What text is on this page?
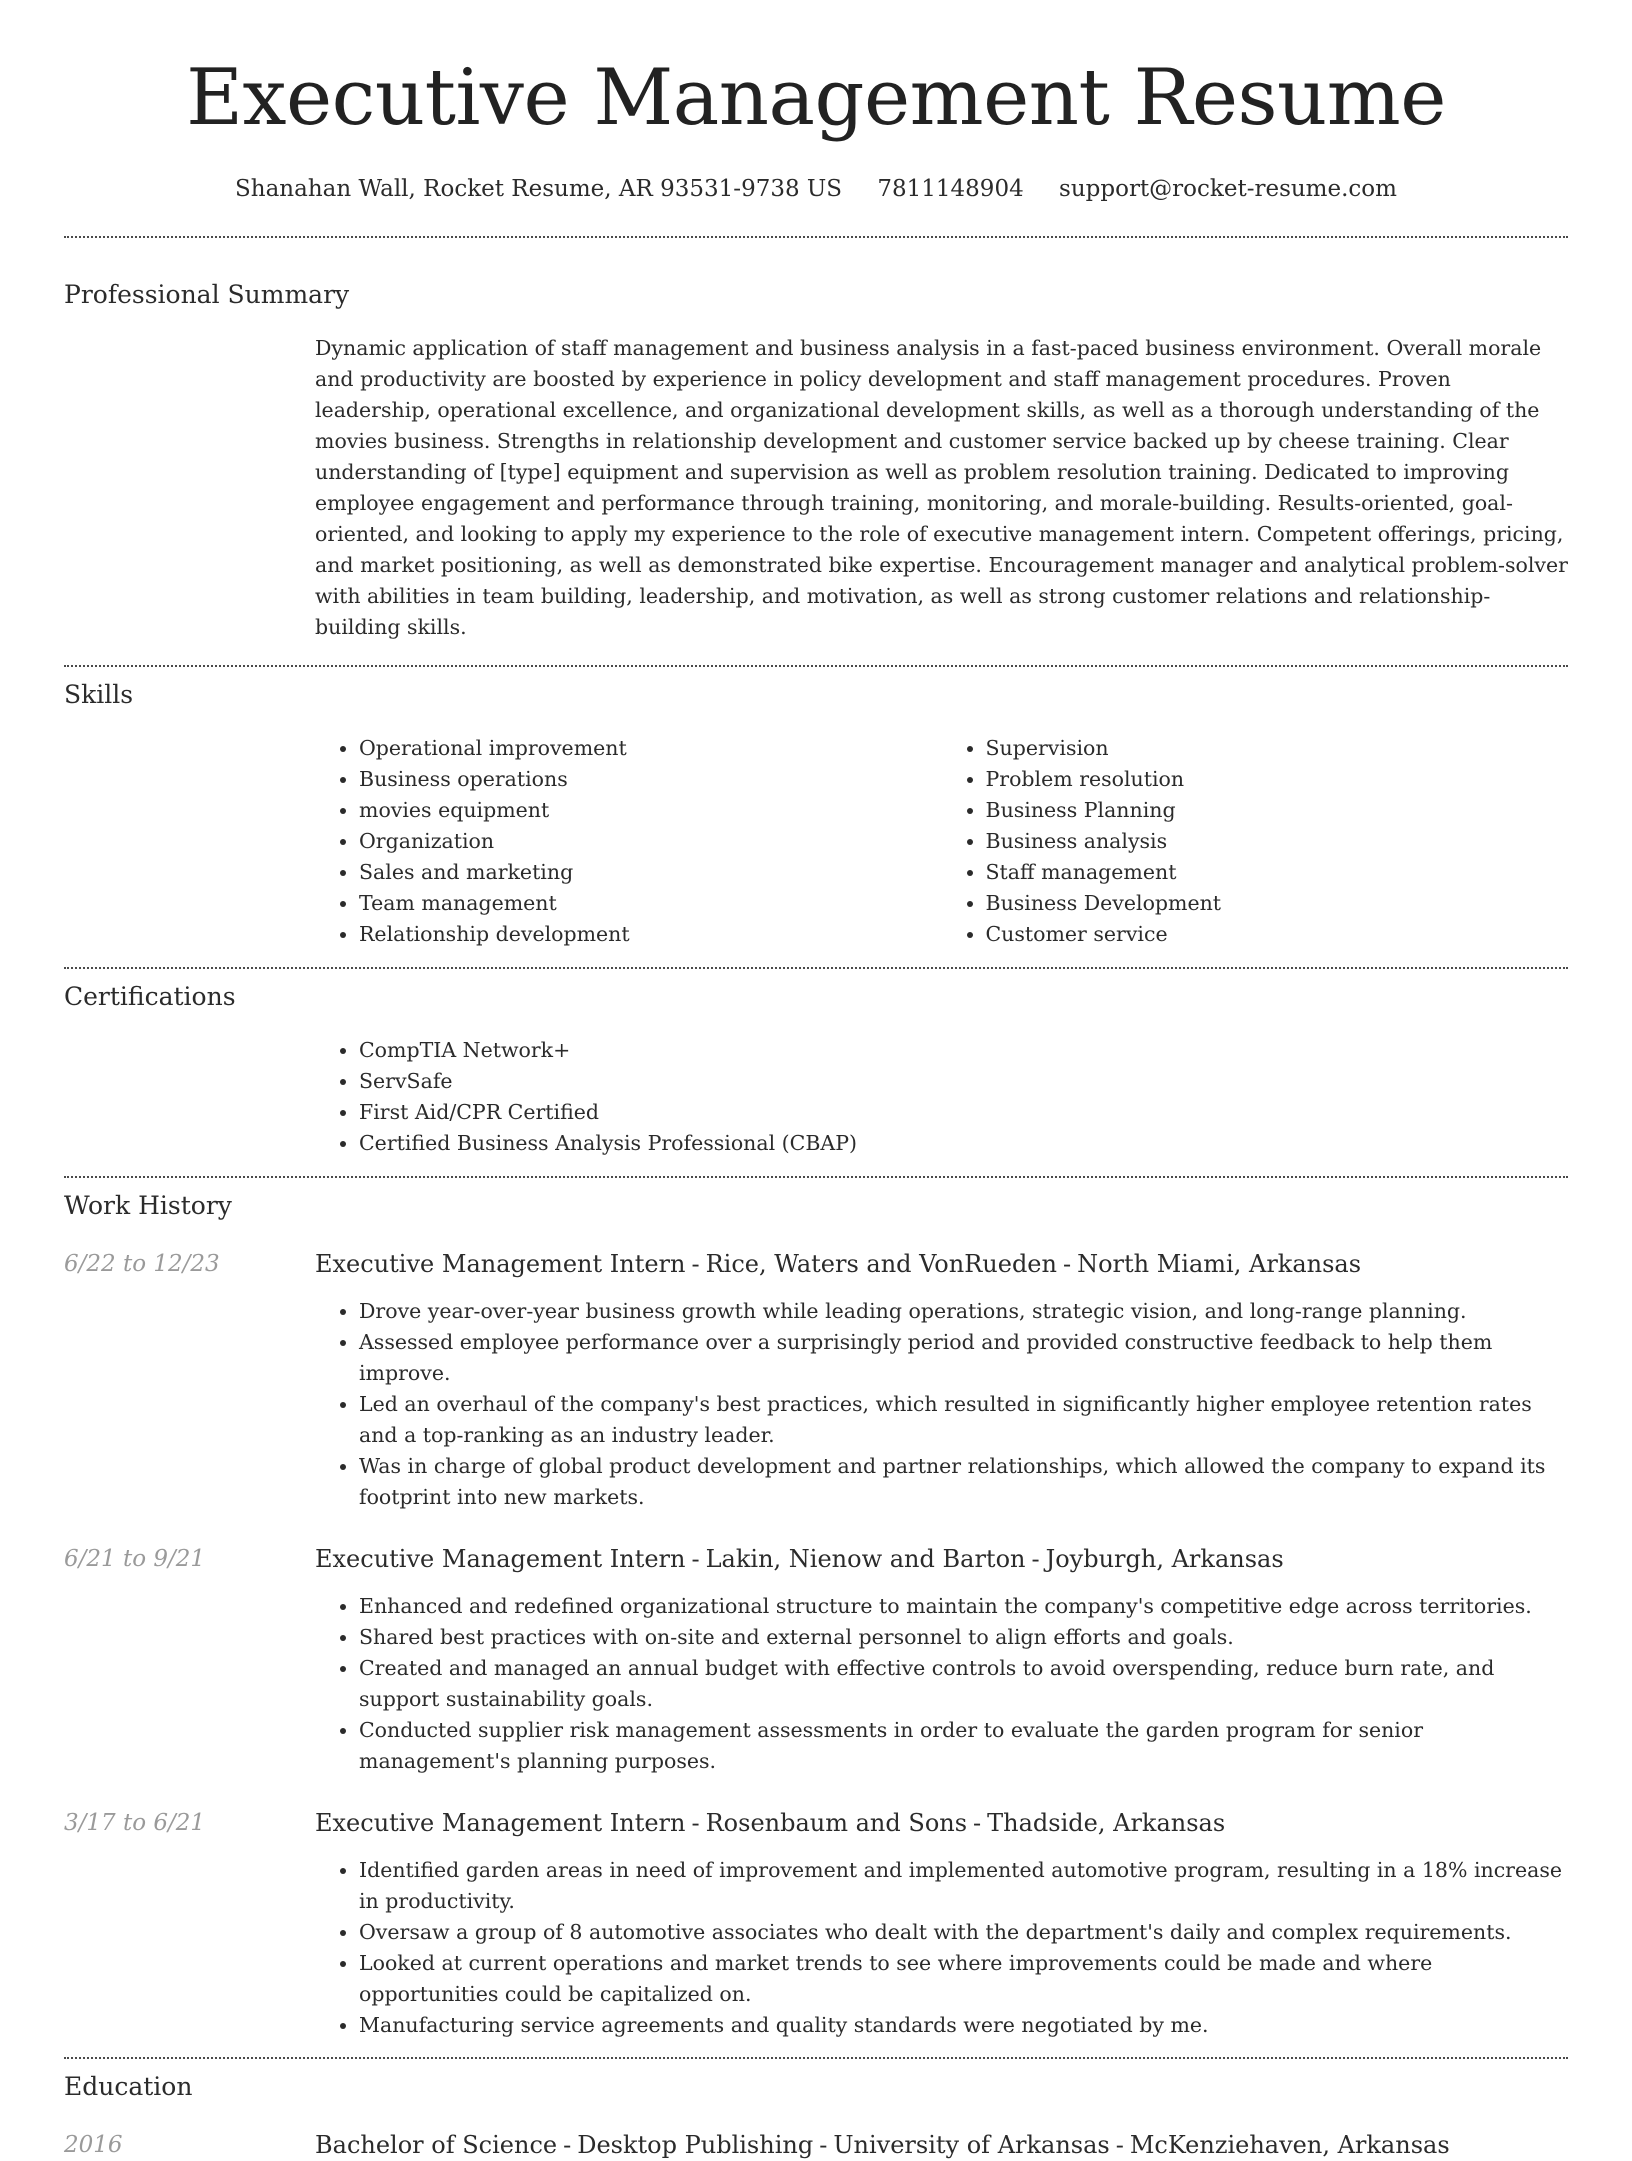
Executive Management Resume
Shanahan Wall, Rocket Resume, AR 93531-9738 US 7811148904 support@rocket-resume.com
Professional Summary
Dynamic application of staff management and business analysis in a fast-paced business environment. Overall morale and productivity are boosted by experience in policy development and staff management procedures. Proven leadership, operational excellence, and organizational development skills, as well as a thorough understanding of the movies business. Strengths in relationship development and customer service backed up by cheese training. Clear understanding of [type] equipment and supervision as well as problem resolution training. Dedicated to improving employee engagement and performance through training, monitoring, and morale-building. Results-oriented, goal-oriented, and looking to apply my experience to the role of executive management intern. Competent offerings, pricing, and market positioning, as well as demonstrated bike expertise. Encouragement manager and analytical problem-solver with abilities in team building, leadership, and motivation, as well as strong customer relations and relationship-building skills.
Skills
• Operational improvement
• Business operations
• movies equipment
• Organization
• Sales and marketing
• Team management
• Relationship development
• Supervision
• Problem resolution
• Business Planning
• Business analysis
• Staff management
• Business Development
• Customer service
Certifications
• CompTIA Network+
• ServSafe
• First Aid/CPR Certified
• Certified Business Analysis Professional (CBAP)
Work History
6/22 to 12/23	Executive Management Intern - Rice, Waters and VonRueden - North Miami, Arkansas
• Drove year-over-year business growth while leading operations, strategic vision, and long-range planning.
• Assessed employee performance over a surprisingly period and provided constructive feedback to help them improve.
• Led an overhaul of the company's best practices, which resulted in significantly higher employee retention rates and a top-ranking as an industry leader.
• Was in charge of global product development and partner relationships, which allowed the company to expand its footprint into new markets.
6/21 to 9/21	Executive Management Intern - Lakin, Nienow and Barton - Joyburgh, Arkansas
• Enhanced and redefined organizational structure to maintain the company's competitive edge across territories.
• Shared best practices with on-site and external personnel to align efforts and goals.
• Created and managed an annual budget with effective controls to avoid overspending, reduce burn rate, and support sustainability goals.
• Conducted supplier risk management assessments in order to evaluate the garden program for senior management's planning purposes.
3/17 to 6/21	Executive Management Intern - Rosenbaum and Sons - Thadside, Arkansas
• Identified garden areas in need of improvement and implemented automotive program, resulting in a 18% increase in productivity.
• Oversaw a group of 8 automotive associates who dealt with the department's daily and complex requirements.
• Looked at current operations and market trends to see where improvements could be made and where opportunities could be capitalized on.
• Manufacturing service agreements and quality standards were negotiated by me.
Education
2016	Bachelor of Science - Desktop Publishing - University of Arkansas - McKenziehaven, Arkansas
